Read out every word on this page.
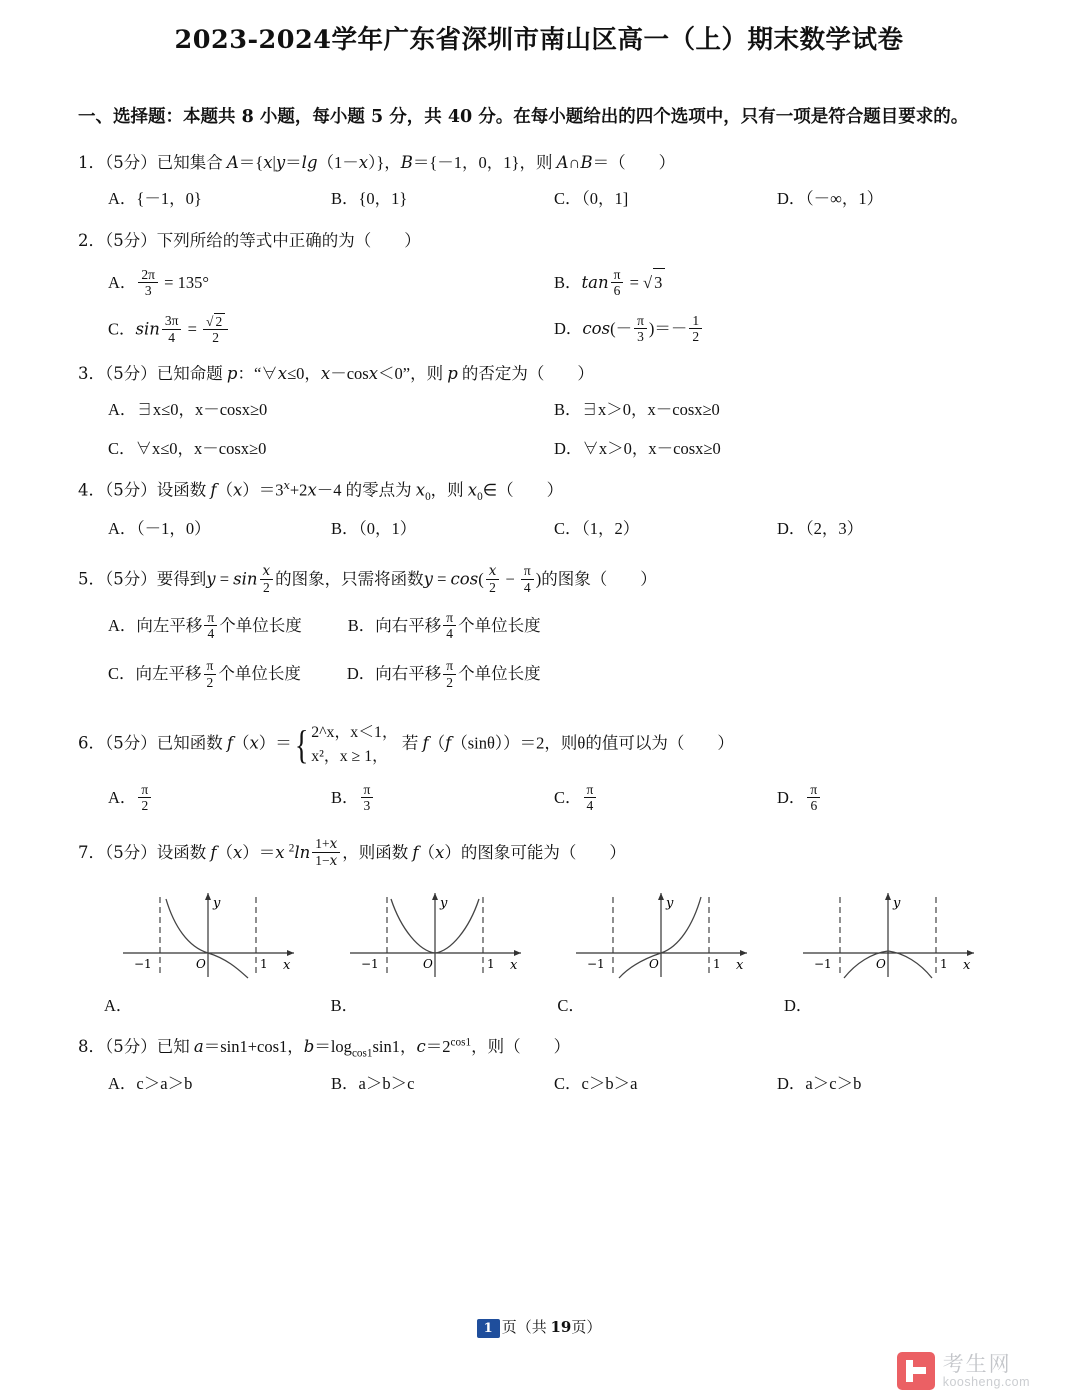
2023-2024学年广东省深圳市南山区高一（上）期末数学试卷
一、选择题：本题共 8 小题，每小题 5 分，共 40 分。在每小题给出的四个选项中，只有一项是符合题目要求的。
1．（5分）已知集合 A＝{x|y＝lg（1－x）}，B＝{－1，0，1}，则 A∩B＝（　　）
A．{－1，0}	B．{0，1}	C．（0，1]	D．（－∞，1）
2．（5分）下列所给的等式中正确的为（　　）
A． $\frac{2\pi}{3} = 135^\circ$	B．$\tan \frac{\pi}{6}$ = √ 3
C．$\sin \frac{3\pi}{4} = \frac{√ 2}{2}$	D．$\cos(- \frac{\pi}{3}$ )＝－ $\frac{1}{2}$
3．（5分）已知命题 p：“∀x≤0，x－cosx＜0”，则 p 的否定为（　　）
A．∃x≤0，x－cosx≥0	B．∃x＞0，x－cosx≥0
C．∀x≤0，x－cosx≥0	D．∀x＞0，x－cosx≥0
4．（5分）设函数 $f(x)=3^x+2x-4$ 的零点为 $x_0$，则 $x_0\in$（　　）
A．（－1，0）	B．（0，1）	C．（1，2）	D．（2，3）
5．（5分）要得到$y = \sin \frac{x}{2}$ 的图象，只需将函数$y = \cos( \frac{x}{2} - \frac{\pi}{4}$ )的图象（　　）
A．向左平移 $\frac{\pi}{4}$ 个单位长度	B．向右平移 $\frac{\pi}{4}$ 个单位长度
C．向左平移 $\frac{\pi}{2}$ 个单位长度	D．向右平移 $\frac{\pi}{2}$ 个单位长度
6．（5分）已知函数 f（x）＝ { 2^x，x＜1，
x²，x ≥ 1，
若 f（f（sinθ））＝2，则θ的值可以为（　　）
A． $\frac{\pi}{2}$	B． $\frac{\pi}{3}$	C． $\frac{\pi}{4}$	D． $\frac{\pi}{6}$
7．（5分）设函数 f（x）＝x $^2\ln \frac{1+x}{1-x}$ ，则函数 f（x）的图象可能为（　　）
y
x
O
−1	1
A．
y
x
O
−1	1
B．
y
x
O
−1	1
C．
y
x
O
−1	1
D．
8．（5分）已知 a＝sin1+cos1，$b=\log_{cos1}\sin 1$，$c=2^{cos1}$，则（　　）
A．c＞a＞b	B．a＞b＞c	C．c＞b＞a	D．a＞c＞b
1 页（共 19页）
考生网
koosheng.com
